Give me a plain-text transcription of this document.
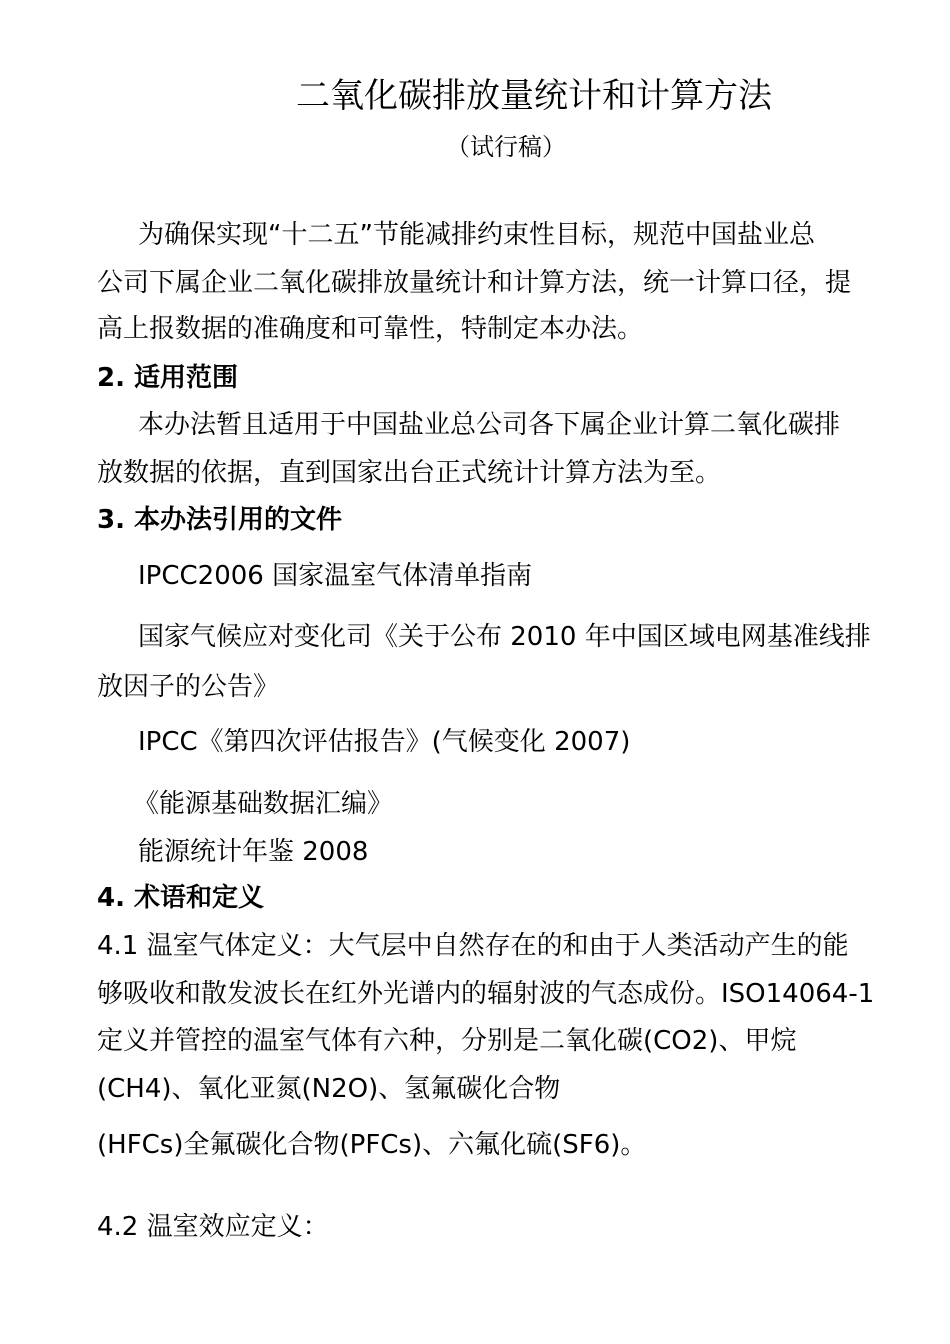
二氧化碳排放量统计和计算方法
（试行稿）
为确保实现“十二五”节能减排约束性目标，规范中国盐业总
公司下属企业二氧化碳排放量统计和计算方法，统一计算口径，提
高上报数据的准确度和可靠性，特制定本办法。
2. 适用范围
本办法暂且适用于中国盐业总公司各下属企业计算二氧化碳排
放数据的依据，直到国家出台正式统计计算方法为至。
3. 本办法引用的文件
IPCC2006 国家温室气体清单指南
国家气候应对变化司《关于公布 2010 年中国区域电网基准线排
放因子的公告》
IPCC《第四次评估报告》(气候变化 2007)
《能源基础数据汇编》
能源统计年鉴 2008
4. 术语和定义
4.1 温室气体定义：大气层中自然存在的和由于人类活动产生的能
够吸收和散发波长在红外光谱内的辐射波的气态成份。ISO14064-1
定义并管控的温室气体有六种，分别是二氧化碳(CO2)、甲烷
(CH4)、氧化亚氮(N2O)、氢氟碳化合物
(HFCs)全氟碳化合物(PFCs)、六氟化硫(SF6)。
4.2 温室效应定义：
